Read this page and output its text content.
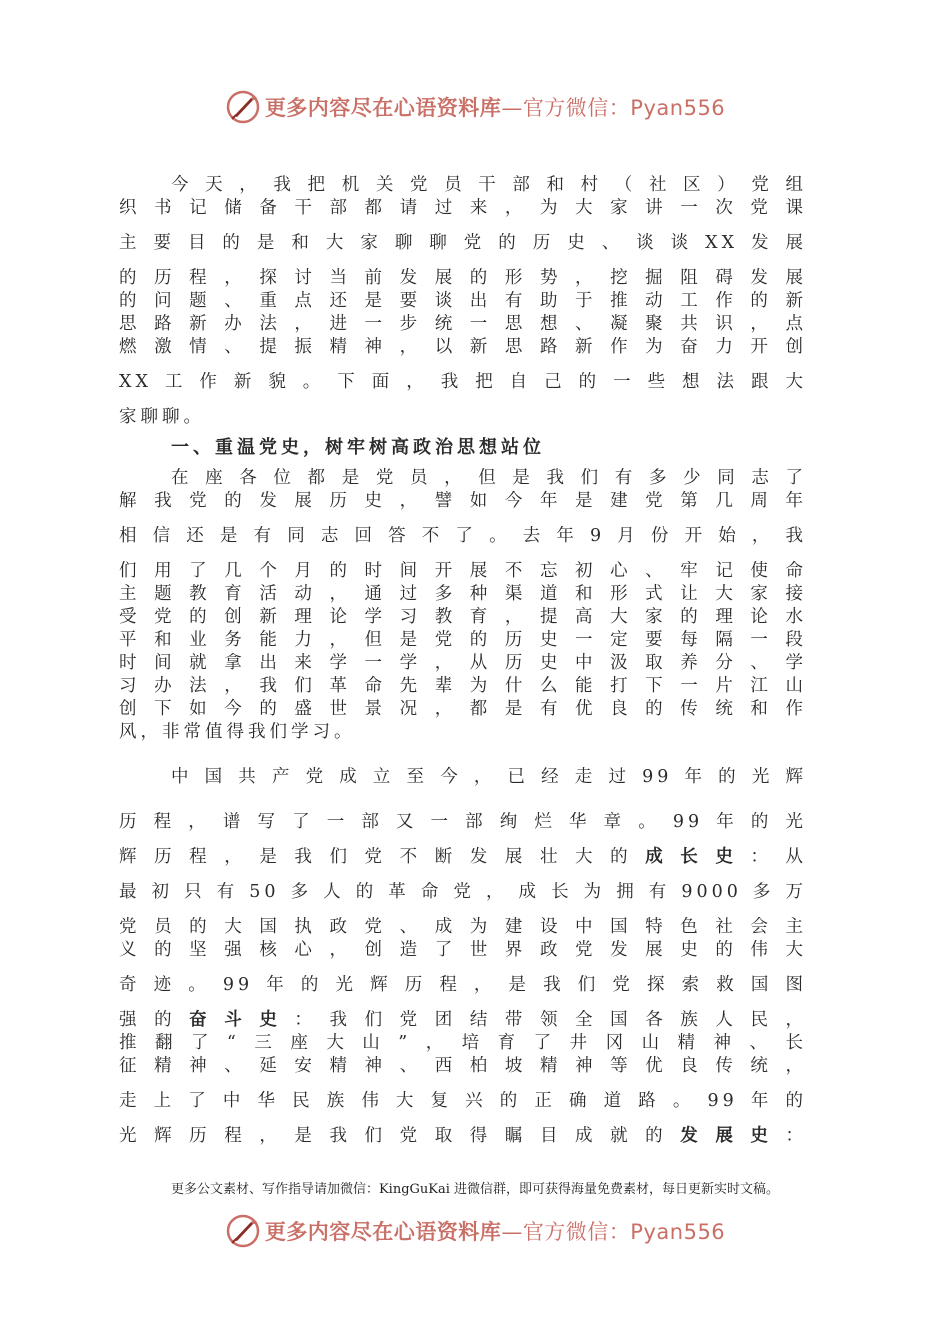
更多内容尽在心语资料库—官方微信：Pyan556
今天，我把机关党员干部和村（社区）党组
织书记储备干部都请过来，为大家讲一次党课
主要目的是和大家聊聊党的历史、谈谈XX发展
的历程，探讨当前发展的形势，挖掘阻碍发展
的问题、重点还是要谈出有助于推动工作的新
思路新办法，进一步统一思想、凝聚共识，点
燃激情、提振精神，以新思路新作为奋力开创
XX工作新貌。下面，我把自己的一些想法跟大
家聊聊。
一、重温党史，树牢树高政治思想站位
在座各位都是党员，但是我们有多少同志了
解我党的发展历史，譬如今年是建党第几周年
相信还是有同志回答不了。去年9月份开始，我
们用了几个月的时间开展不忘初心、牢记使命
主题教育活动，通过多种渠道和形式让大家接
受党的创新理论学习教育，提高大家的理论水
平和业务能力，但是党的历史一定要每隔一段
时间就拿出来学一学，从历史中汲取养分、学
习办法，我们革命先辈为什么能打下一片江山
创下如今的盛世景况，都是有优良的传统和作
风，非常值得我们学习。
中国共产党成立至今，已经走过99年的光辉
历程，谱写了一部又一部绚烂华章。99年的光
辉历程，是我们党不断发展壮大的成长史：从
最初只有50多人的革命党，成长为拥有9000多万
党员的大国执政党、成为建设中国特色社会主
义的坚强核心，创造了世界政党发展史的伟大
奇迹。99年的光辉历程，是我们党探索救国图
强的奋斗史：我们党团结带领全国各族人民，
推翻了“三座大山”，培育了井冈山精神、长
征精神、延安精神、西柏坡精神等优良传统，
走上了中华民族伟大复兴的正确道路。99年的
光辉历程，是我们党取得瞩目成就的发展史：
更多公文素材、写作指导请加微信：KingGuKai 进微信群，即可获得海量免费素材，每日更新实时文稿。
更多内容尽在心语资料库—官方微信：Pyan556
